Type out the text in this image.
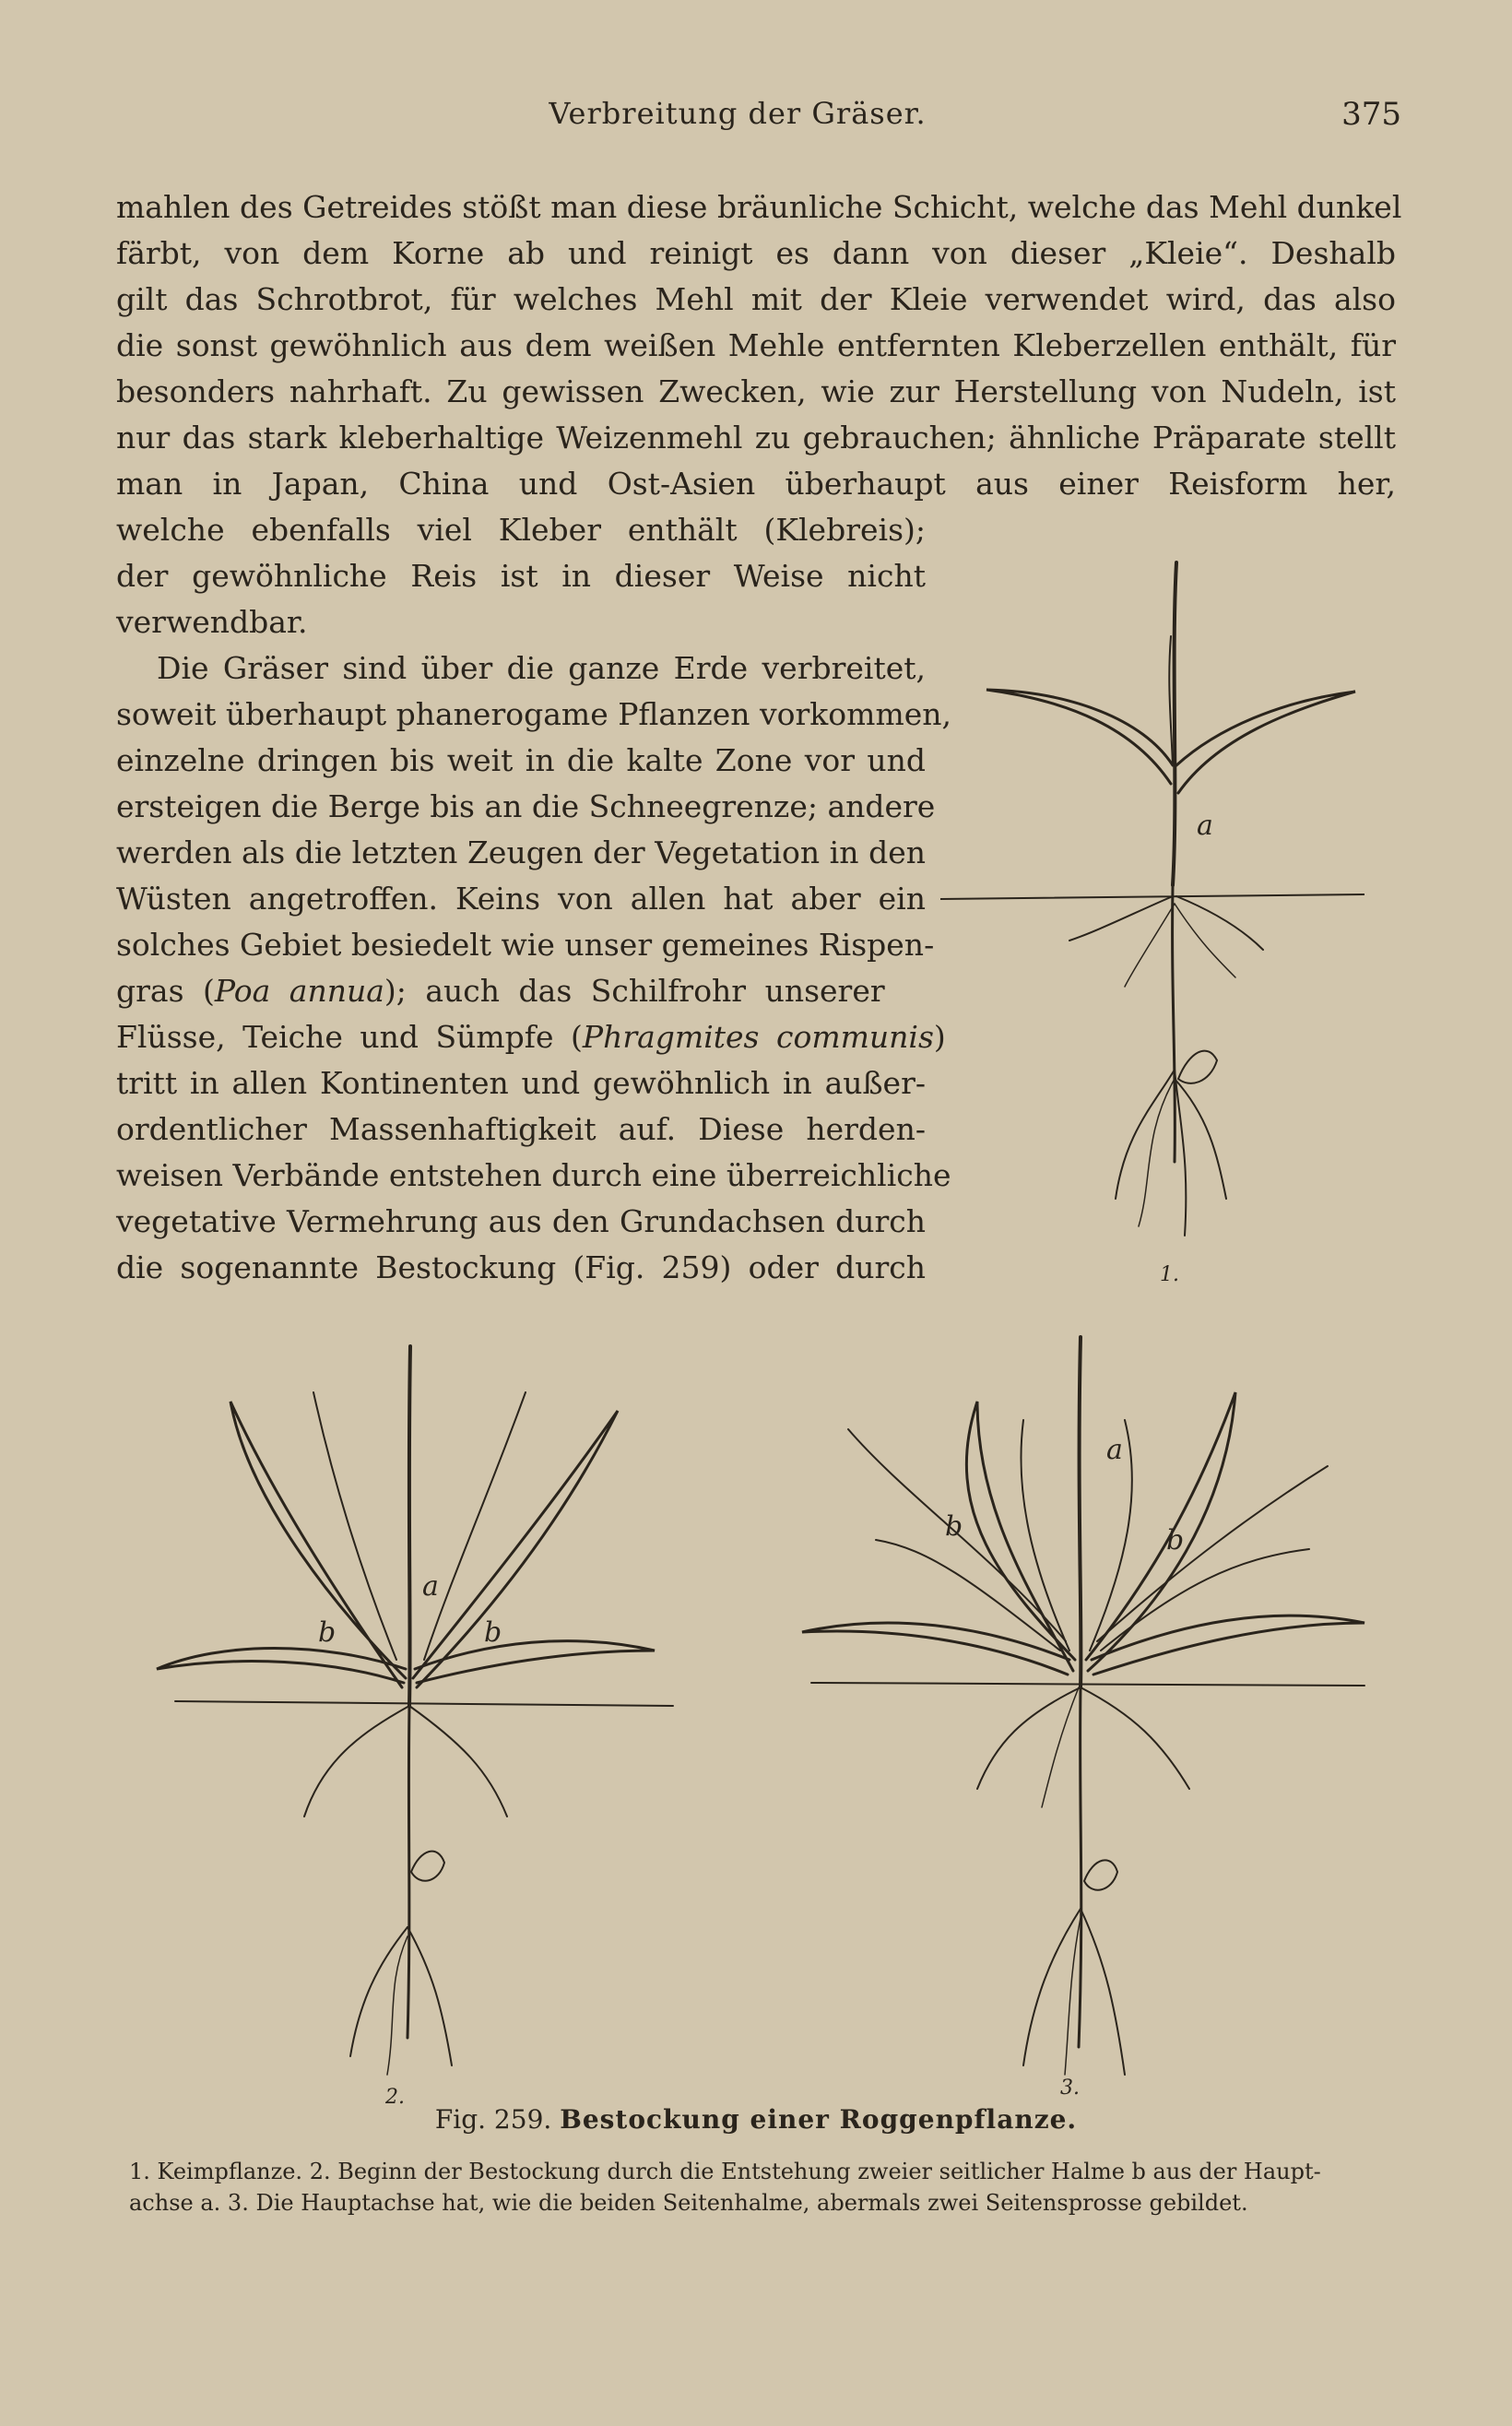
Verbreitung der Gräser.	375
mahlen des Getreides stößt man diese bräunliche Schicht, welche das Mehl dunkel
färbt, von dem Korne ab und reinigt es dann von dieser „Kleie“. Deshalb
gilt das Schrotbrot, für welches Mehl mit der Kleie verwendet wird, das also
die sonst gewöhnlich aus dem weißen Mehle entfernten Kleberzellen enthält, für
besonders nahrhaft. Zu gewissen Zwecken, wie zur Herstellung von Nudeln, ist
nur das stark kleberhaltige Weizenmehl zu gebrauchen; ähnliche Präparate stellt
man in Japan, China und Ost-Asien überhaupt aus einer Reisform her,
welche ebenfalls viel Kleber enthält (Klebreis);
der gewöhnliche Reis ist in dieser Weise nicht
verwendbar.
Die Gräser sind über die ganze Erde verbreitet,
soweit überhaupt phanerogame Pflanzen vorkommen,
einzelne dringen bis weit in die kalte Zone vor und
ersteigen die Berge bis an die Schneegrenze; andere
werden als die letzten Zeugen der Vegetation in den
Wüsten angetroffen. Keins von allen hat aber ein
solches Gebiet besiedelt wie unser gemeines Rispen-
gras (Poa annua); auch das Schilfrohr unserer
Flüsse, Teiche und Sümpfe (Phragmites communis)
tritt in allen Kontinenten und gewöhnlich in außer-
ordentlicher Massenhaftigkeit auf. Diese herden-
weisen Verbände entstehen durch eine überreichliche
vegetative Vermehrung aus den Grundachsen durch
die sogenannte Bestockung (Fig. 259) oder durch
a
1.
a
b	b
2.
a
b	b
3.
Fig. 259. Bestockung einer Roggenpflanze.
1. Keimpflanze. 2. Beginn der Bestockung durch die Entstehung zweier seitlicher Halme b aus der Haupt-
achse a. 3. Die Hauptachse hat, wie die beiden Seitenhalme, abermals zwei Seitensprosse gebildet.
